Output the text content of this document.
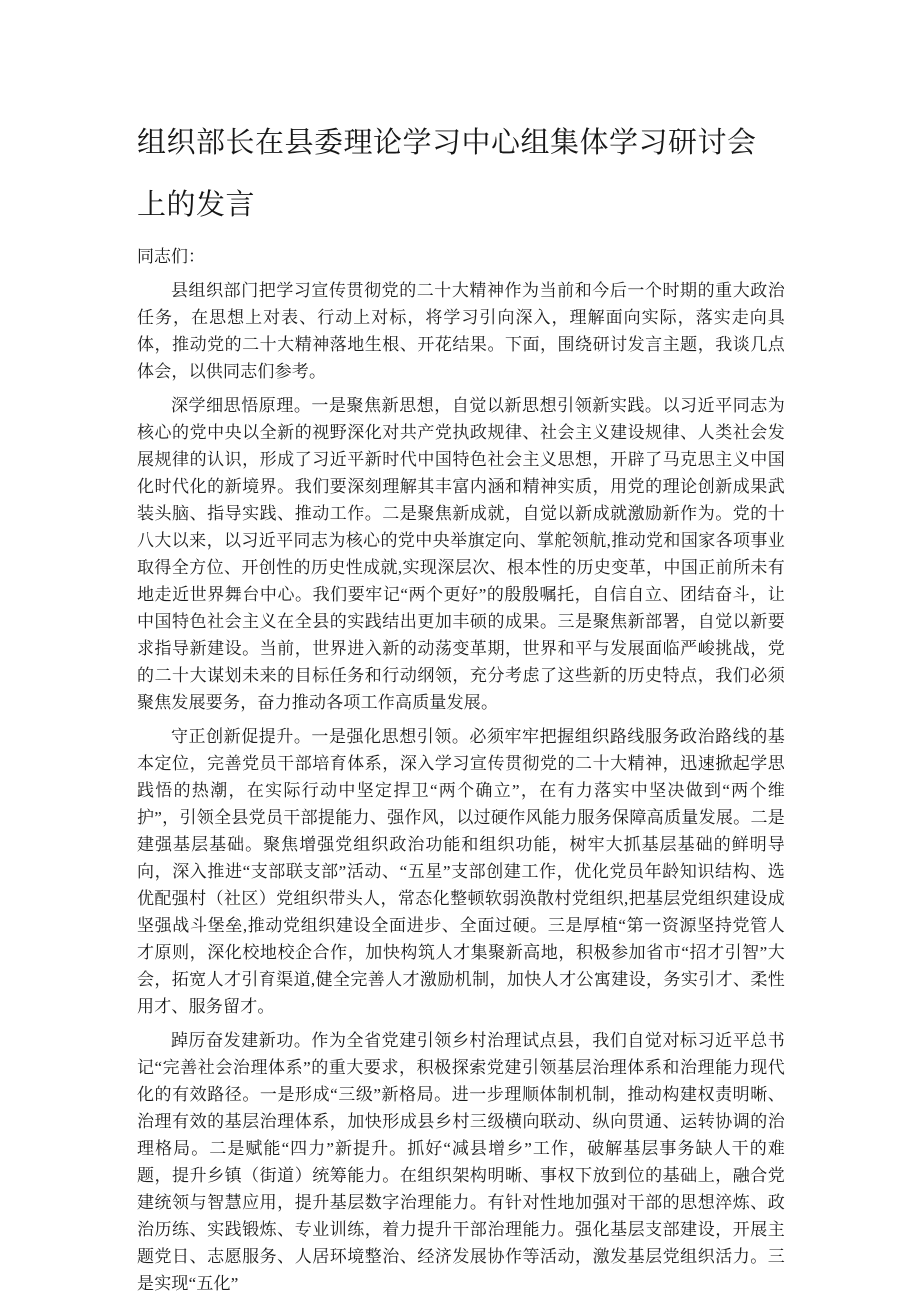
组织部长在县委理论学习中心组集体学习研讨会上的发言
同志们：

县组织部门把学习宣传贯彻党的二十大精神作为当前和今后一个时期的重大政治任务，在思想上对表、行动上对标，将学习引向深入，理解面向实际，落实走向具体，推动党的二十大精神落地生根、开花结果。下面，围绕研讨发言主题，我谈几点体会，以供同志们参考。

深学细思悟原理。一是聚焦新思想，自觉以新思想引领新实践。以习近平同志为核心的党中央以全新的视野深化对共产党执政规律、社会主义建设规律、人类社会发展规律的认识，形成了习近平新时代中国特色社会主义思想，开辟了马克思主义中国化时代化的新境界。我们要深刻理解其丰富内涵和精神实质，用党的理论创新成果武装头脑、指导实践、推动工作。二是聚焦新成就，自觉以新成就激励新作为。党的十八大以来，以习近平同志为核心的党中央举旗定向、掌舵领航,推动党和国家各项事业取得全方位、开创性的历史性成就,实现深层次、根本性的历史变革，中国正前所未有地走近世界舞台中心。我们要牢记“两个更好”的殷殷嘱托，自信自立、团结奋斗，让中国特色社会主义在全县的实践结出更加丰硕的成果。三是聚焦新部署，自觉以新要求指导新建设。当前，世界进入新的动荡变革期，世界和平与发展面临严峻挑战，党的二十大谋划未来的目标任务和行动纲领，充分考虑了这些新的历史特点，我们必须聚焦发展要务，奋力推动各项工作高质量发展。

守正创新促提升。一是强化思想引领。必须牢牢把握组织路线服务政治路线的基本定位，完善党员干部培育体系，深入学习宣传贯彻党的二十大精神，迅速掀起学思践悟的热潮，在实际行动中坚定捍卫“两个确立”，在有力落实中坚决做到“两个维护”，引领全县党员干部提能力、强作风，以过硬作风能力服务保障高质量发展。二是建强基层基础。聚焦增强党组织政治功能和组织功能，树牢大抓基层基础的鲜明导向，深入推进“支部联支部”活动、“五星”支部创建工作，优化党员年龄知识结构、选优配强村（社区）党组织带头人，常态化整顿软弱涣散村党组织,把基层党组织建设成坚强战斗堡垒,推动党组织建设全面进步、全面过硬。三是厚植“第一资源坚持党管人才原则，深化校地校企合作，加快构筑人才集聚新高地，积极参加省市“招才引智”大会，拓宽人才引育渠道,健全完善人才激励机制，加快人才公寓建设，务实引才、柔性用才、服务留才。

踔厉奋发建新功。作为全省党建引领乡村治理试点县，我们自觉对标习近平总书记“完善社会治理体系”的重大要求，积极探索党建引领基层治理体系和治理能力现代化的有效路径。一是形成“三级”新格局。进一步理顺体制机制，推动构建权责明晰、治理有效的基层治理体系，加快形成县乡村三级横向联动、纵向贯通、运转协调的治理格局。二是赋能“四力”新提升。抓好“减县增乡”工作，破解基层事务缺人干的难题，提升乡镇（街道）统筹能力。在组织架构明晰、事权下放到位的基础上，融合党建统领与智慧应用，提升基层数字治理能力。有针对性地加强对干部的思想淬炼、政治历练、实践锻炼、专业训练，着力提升干部治理能力。强化基层支部建设，开展主题党日、志愿服务、人居环境整治、经济发展协作等活动，激发基层党组织活力。三是实现“五化”
